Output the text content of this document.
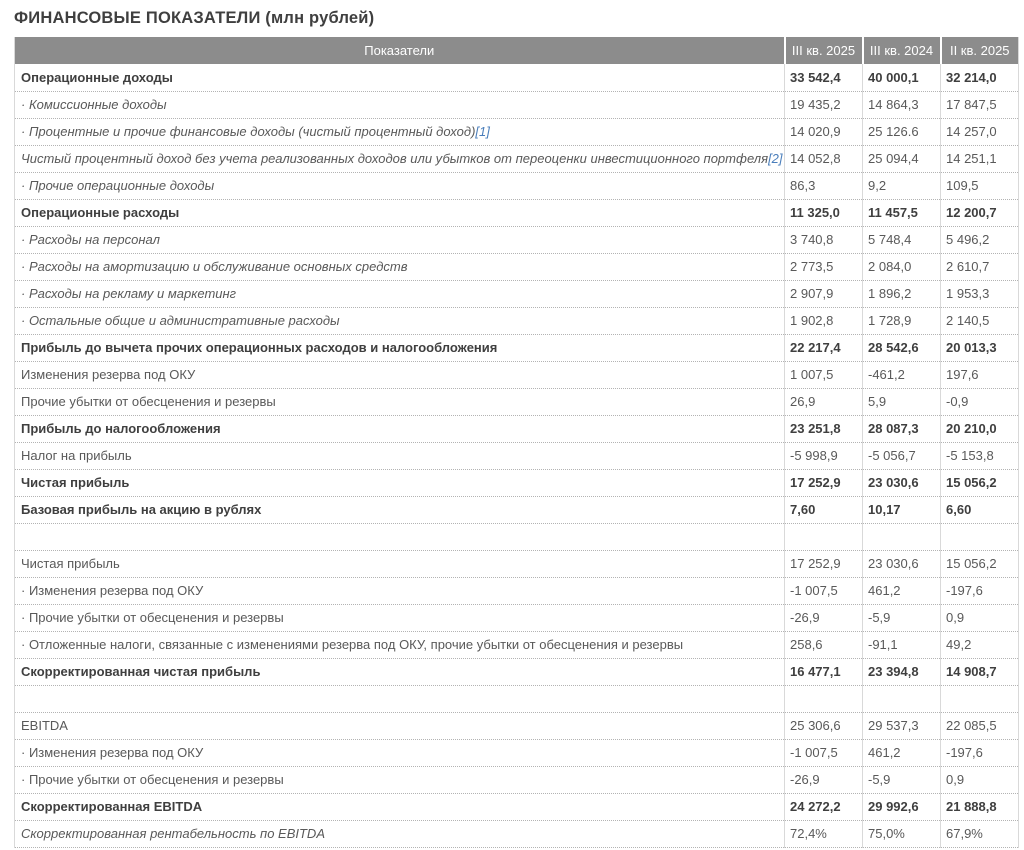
ФИНАНСОВЫЕ ПОКАЗАТЕЛИ (млн рублей)
Показатели	III кв. 2025	III кв. 2024	II кв. 2025
Операционные доходы	33 542,4	40 000,1	32 214,0
· Комиссионные доходы	19 435,2	14 864,3	17 847,5
· Процентные и прочие финансовые доходы (чистый процентный доход)[1]	14 020,9	25 126.6	14 257,0
Чистый процентный доход без учета реализованных доходов или убытков от переоценки инвестиционного портфеля[2]	14 052,8	25 094,4	14 251,1
· Прочие операционные доходы	86,3	9,2	109,5
Операционные расходы	11 325,0	11 457,5	12 200,7
· Расходы на персонал	3 740,8	5 748,4	5 496,2
· Расходы на амортизацию и обслуживание основных средств	2 773,5	2 084,0	2 610,7
· Расходы на рекламу и маркетинг	2 907,9	1 896,2	1 953,3
· Остальные общие и административные расходы	1 902,8	1 728,9	2 140,5
Прибыль до вычета прочих операционных расходов и налогообложения	22 217,4	28 542,6	20 013,3
Изменения резерва под ОКУ	1 007,5	-461,2	197,6
Прочие убытки от обесценения и резервы	26,9	5,9	-0,9
Прибыль до налогообложения	23 251,8	28 087,3	20 210,0
Налог на прибыль	-5 998,9	-5 056,7	-5 153,8
Чистая прибыль	17 252,9	23 030,6	15 056,2
Базовая прибыль на акцию в рублях	7,60	10,17	6,60

Чистая прибыль	17 252,9	23 030,6	15 056,2
· Изменения резерва под ОКУ	-1 007,5	461,2	-197,6
· Прочие убытки от обесценения и резервы	-26,9	-5,9	0,9
· Отложенные налоги, связанные с изменениями резерва под ОКУ, прочие убытки от обесценения и резервы	258,6	-91,1	49,2
Скорректированная чистая прибыль	16 477,1	23 394,8	14 908,7

EBITDA	25 306,6	29 537,3	22 085,5
· Изменения резерва под ОКУ	-1 007,5	461,2	-197,6
· Прочие убытки от обесценения и резервы	-26,9	-5,9	0,9
Скорректированная EBITDA	24 272,2	29 992,6	21 888,8
Скорректированная рентабельность по EBITDA	72,4%	75,0%	67,9%
